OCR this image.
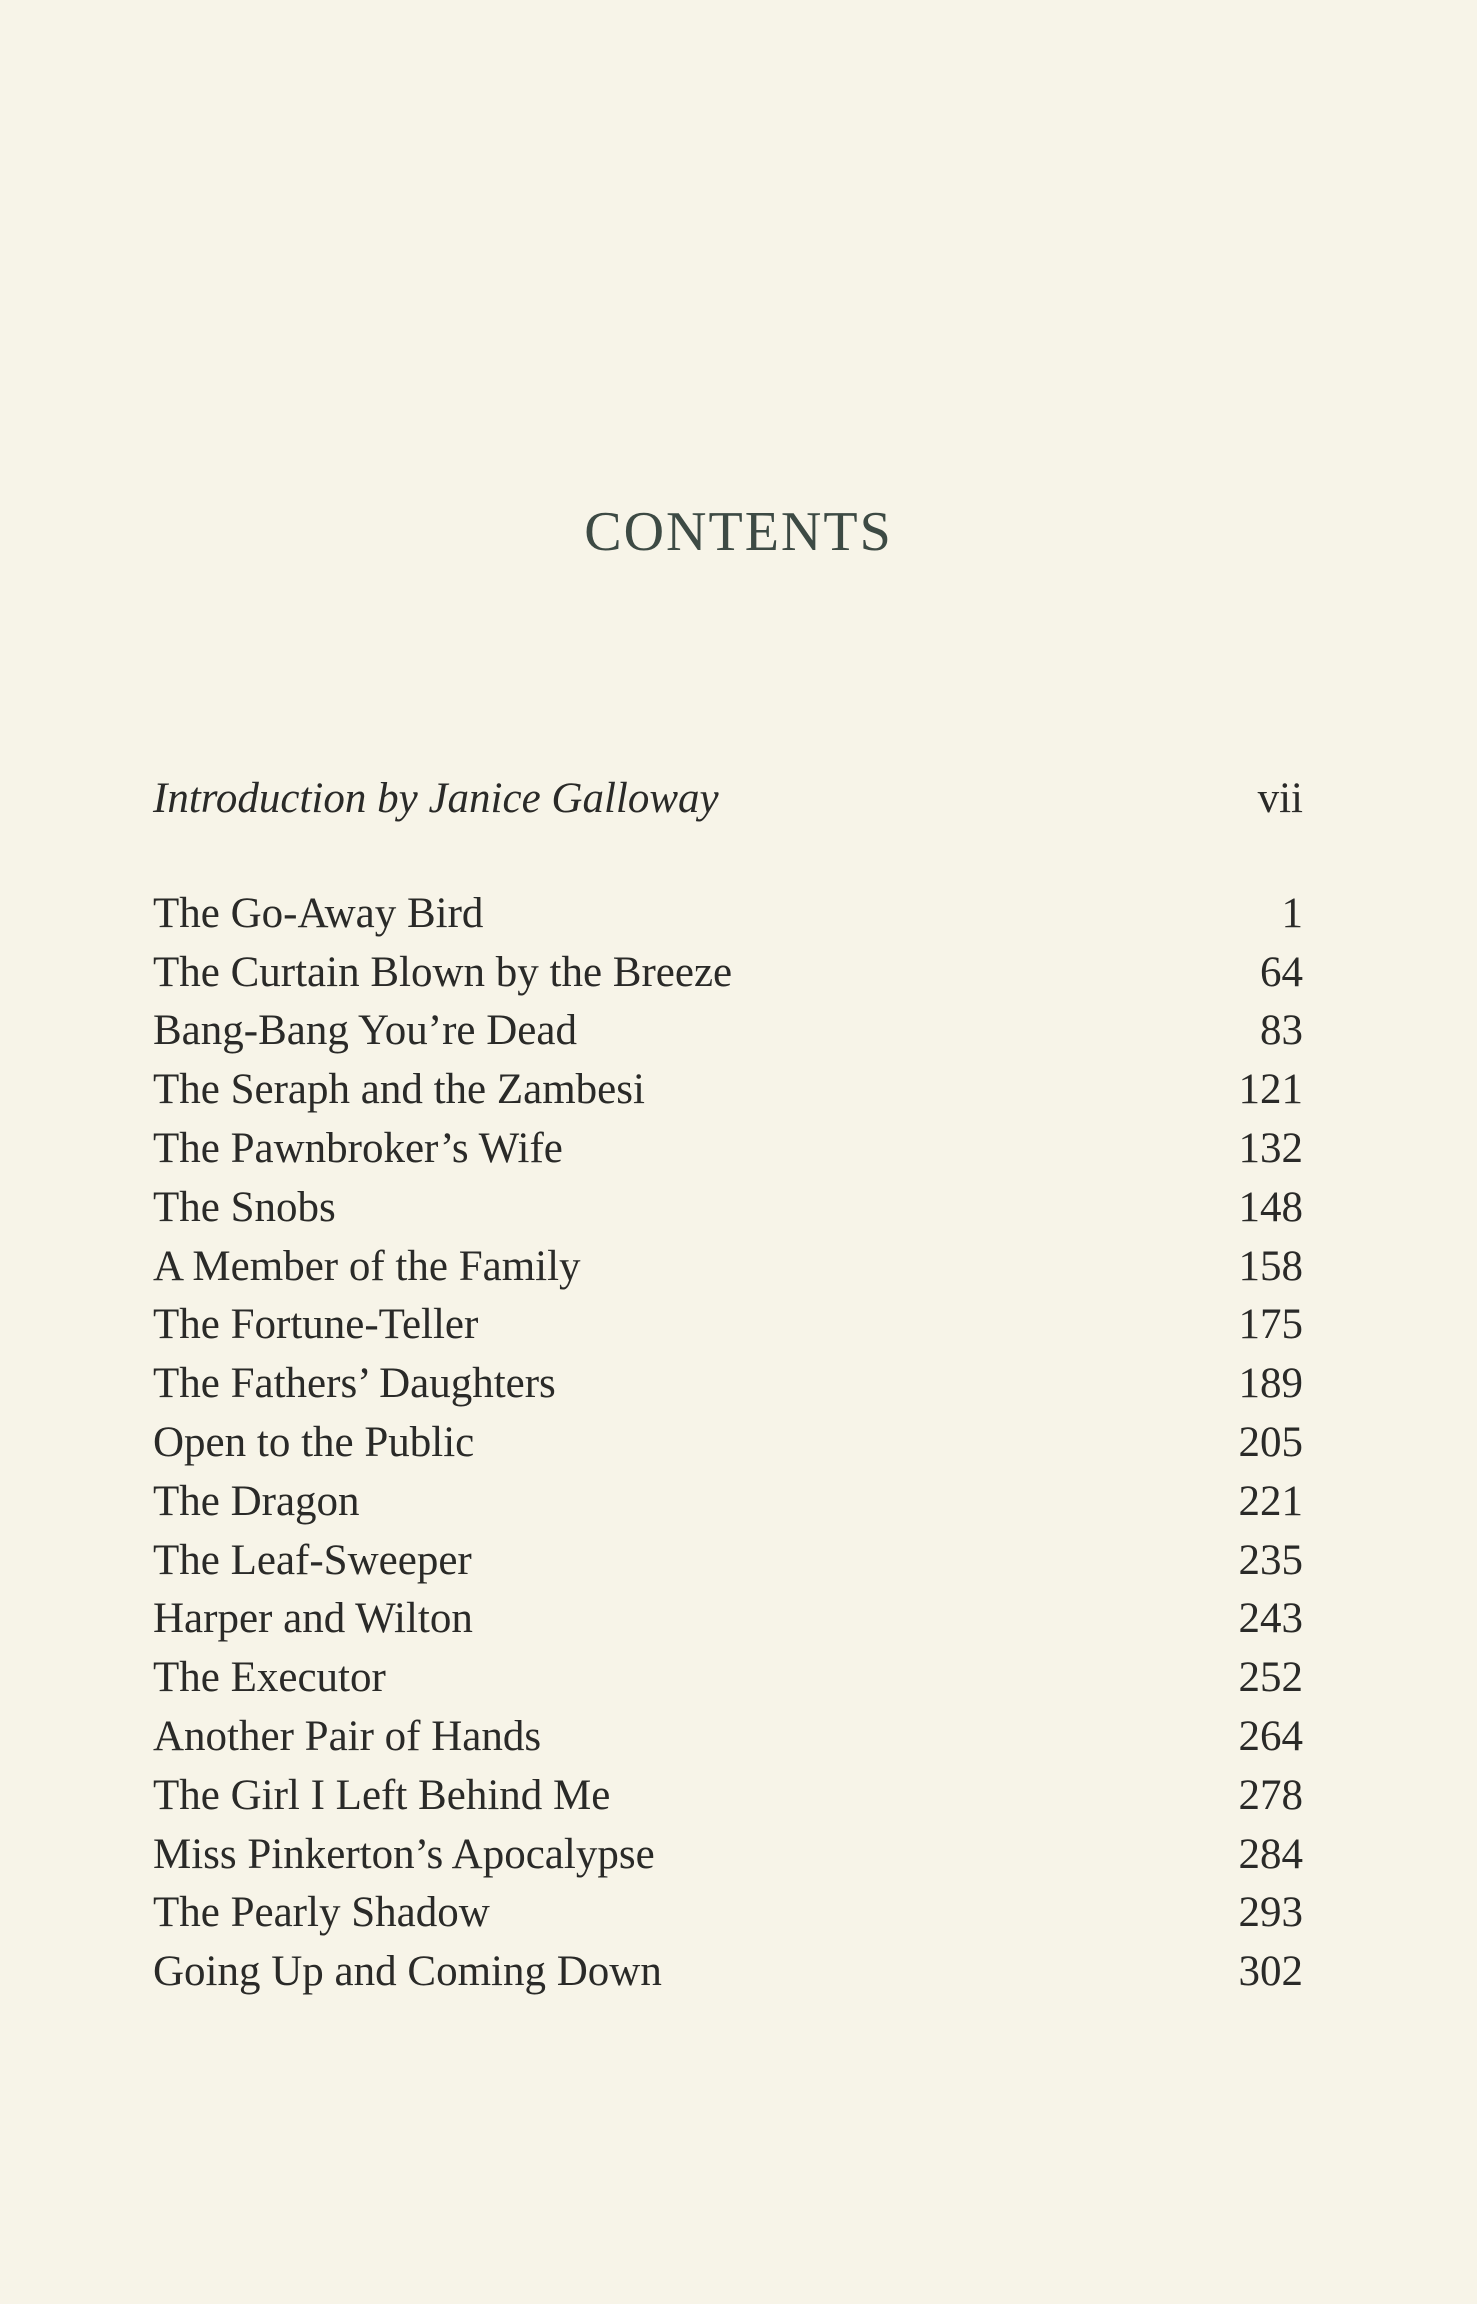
CONTENTS
Introduction by Janice Galloway	vii
The Go-Away Bird	1
The Curtain Blown by the Breeze	64
Bang-Bang You’re Dead	83
The Seraph and the Zambesi	121
The Pawnbroker’s Wife	132
The Snobs	148
A Member of the Family	158
The Fortune-Teller	175
The Fathers’ Daughters	189
Open to the Public	205
The Dragon	221
The Leaf-Sweeper	235
Harper and Wilton	243
The Executor	252
Another Pair of Hands	264
The Girl I Left Behind Me	278
Miss Pinkerton’s Apocalypse	284
The Pearly Shadow	293
Going Up and Coming Down	302
